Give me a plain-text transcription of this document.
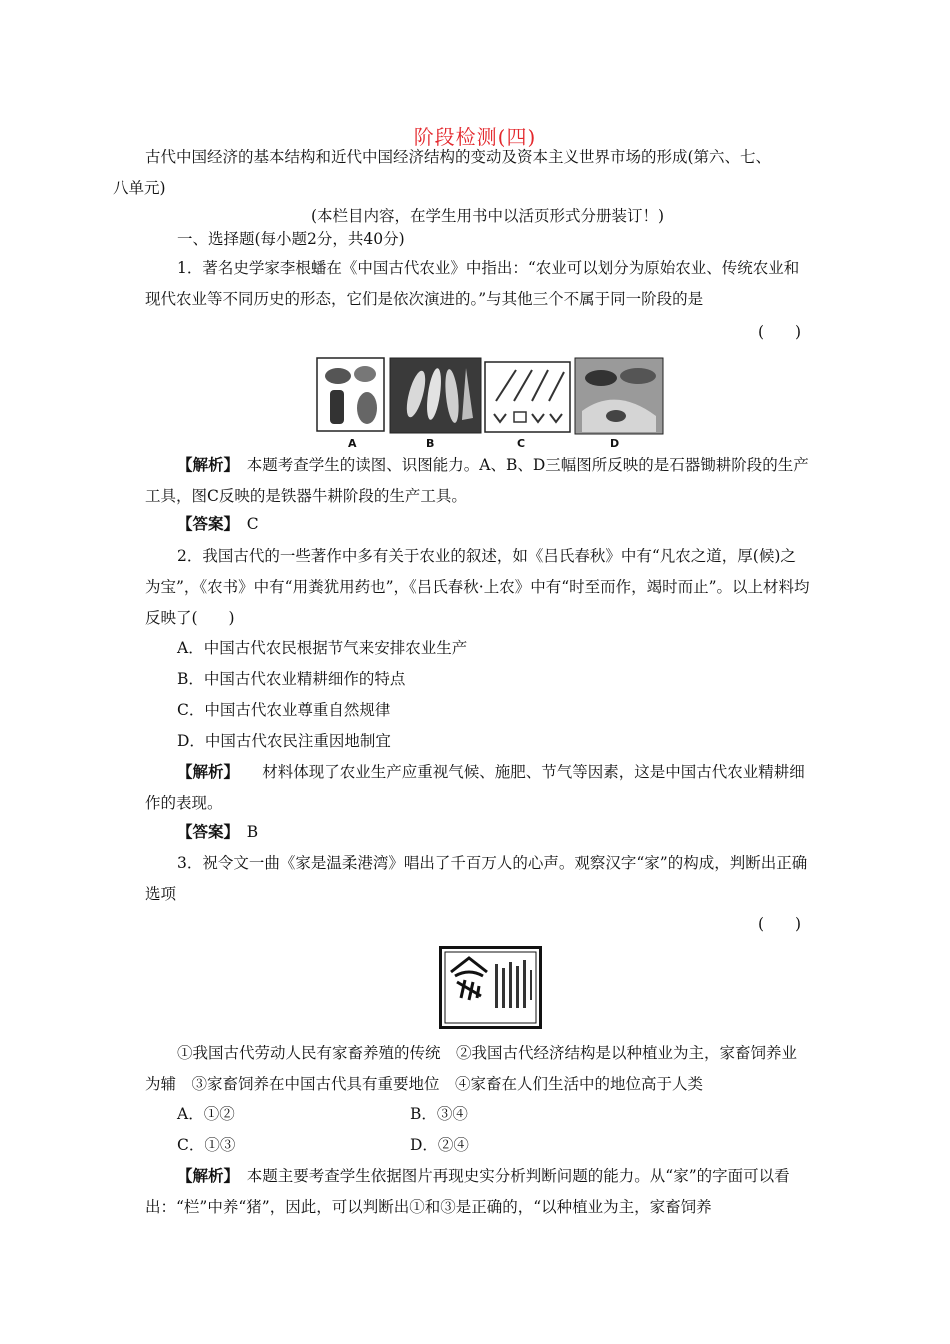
阶段检测(四)
古代中国经济的基本结构和近代中国经济结构的变动及资本主义世界市场的形成(第六、七、八单元)
(本栏目内容，在学生用书中以活页形式分册装订！)
一、选择题(每小题2分，共40分)
1．著名史学家李根蟠在《中国古代农业》中指出：“农业可以划分为原始农业、传统农业和现代农业等不同历史的形态，它们是依次演进的。”与其他三个不属于同一阶段的是
(　　)
A	B	C	D
【解析】　 本题考查学生的读图、识图能力。A、B、D三幅图所反映的是石器锄耕阶段的生产工具，图C反映的是铁器牛耕阶段的生产工具。
【答案】　 C
2．我国古代的一些著作中多有关于农业的叙述，如《吕氏春秋》中有“凡农之道，厚(候)之为宝”，《农书》中有“用粪犹用药也”，《吕氏春秋·上农》中有“时至而作，竭时而止”。以上材料均反映了(　　)
A．中国古代农民根据节气来安排农业生产
B．中国古代农业精耕细作的特点
C．中国古代农业尊重自然规律
D．中国古代农民注重因地制宜
【解析】　　 材料体现了农业生产应重视气候、施肥、节气等因素，这是中国古代农业精耕细作的表现。
【答案】　 B
3．祝令文一曲《家是温柔港湾》唱出了千百万人的心声。观察汉字“家”的构成，判断出正确选项
(　　)
①我国古代劳动人民有家畜养殖的传统　②我国古代经济结构是以种植业为主，家畜饲养业为辅　③家畜饲养在中国古代具有重要地位　④家畜在人们生活中的地位高于人类
A．①②	B．③④
C．①③	D．②④
【解析】　 本题主要考查学生依据图片再现史实分析判断问题的能力。从“家”的字面可以看出：“栏”中养“猪”，因此，可以判断出①和③是正确的，“以种植业为主，家畜饲养
